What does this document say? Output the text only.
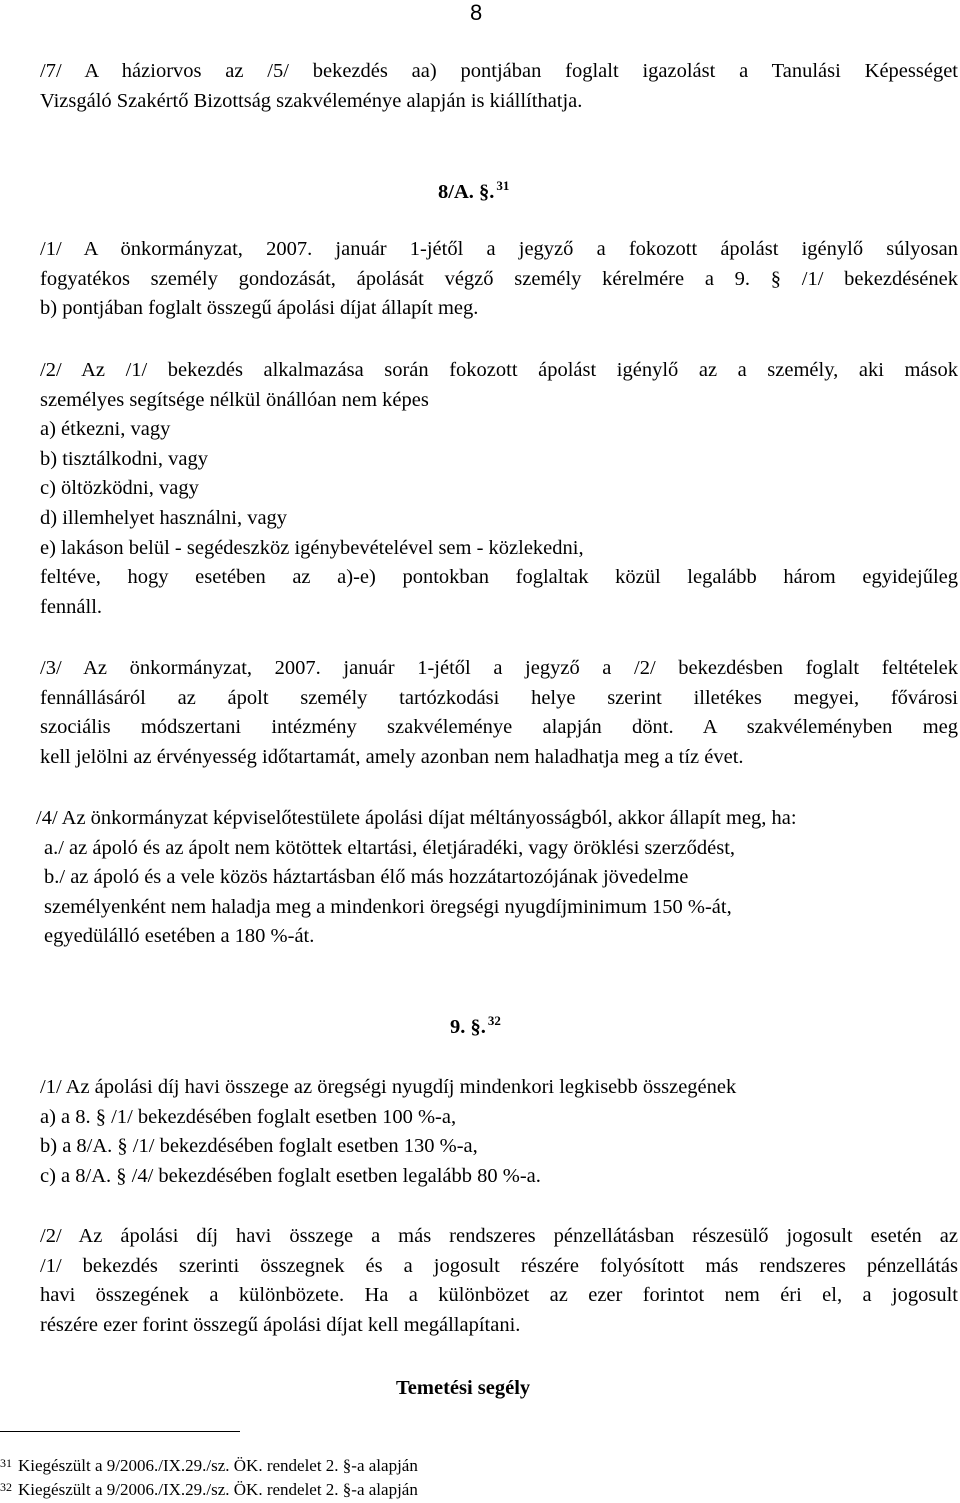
8

/7/ A háziorvos az /5/ bekezdés aa) pontjában foglalt igazolást a Tanulási Képességet

Vizsgáló Szakértő Bizottság szakvéleménye alapján is kiállíthatja.

8/A. §. $^{31}$

/1/ A önkormányzat, 2007. január 1-jétől a jegyző a fokozott ápolást igénylő súlyosan

fogyatékos személy gondozását, ápolását végző személy kérelmére a 9. § /1/ bekezdésének

b) pontjában foglalt összegű ápolási díjat állapít meg.

/2/ Az /1/ bekezdés alkalmazása során fokozott ápolást igénylő az a személy, aki mások

személyes segítsége nélkül önállóan nem képes

a) étkezni, vagy

b) tisztálkodni, vagy

c) öltözködni, vagy

d) illemhelyet használni, vagy

e) lakáson belül - segédeszköz igénybevételével sem - közlekedni,

feltéve, hogy esetében az a)-e) pontokban foglaltak közül legalább három egyidejűleg

fennáll.

/3/ Az önkormányzat, 2007. január 1-jétől a jegyző a /2/ bekezdésben foglalt feltételek

fennállásáról az ápolt személy tartózkodási helye szerint illetékes megyei, fővárosi

szociális módszertani intézmény szakvéleménye alapján dönt. A szakvéleményben meg

kell jelölni az érvényesség időtartamát, amely azonban nem haladhatja meg a tíz évet.

/4/ Az önkormányzat képviselőtestülete ápolási díjat méltányosságból, akkor állapít meg, ha:

a./ az ápoló és az ápolt nem kötöttek eltartási, életjáradéki, vagy öröklési szerződést,

b./ az ápoló és a vele közös háztartásban élő más hozzátartozójának jövedelme

személyenként nem haladja meg a mindenkori öregségi nyugdíjminimum 150 %-át,

egyedülálló esetében a 180 %-át.

9. §. $^{32}$

/1/ Az ápolási díj havi összege az öregségi nyugdíj mindenkori legkisebb összegének

a) a 8. § /1/ bekezdésében foglalt esetben 100 %-a,

b) a 8/A. § /1/ bekezdésében foglalt esetben 130 %-a,

c) a 8/A. § /4/ bekezdésében foglalt esetben legalább 80 %-a.

/2/ Az ápolási díj havi összege a más rendszeres pénzellátásban részesülő jogosult esetén az

/1/ bekezdés szerinti összegnek és a jogosult részére folyósított más rendszeres pénzellátás

havi összegének a különbözete. Ha a különbözet az ezer forintot nem éri el, a jogosult

részére ezer forint összegű ápolási díjat kell megállapítani.

Temetési segély
$^{31}$ Kiegészült a 9/2006./IX.29./sz. ÖK. rendelet 2. §-a alapján
$^{32}$ Kiegészült a 9/2006./IX.29./sz. ÖK. rendelet 2. §-a alapján
